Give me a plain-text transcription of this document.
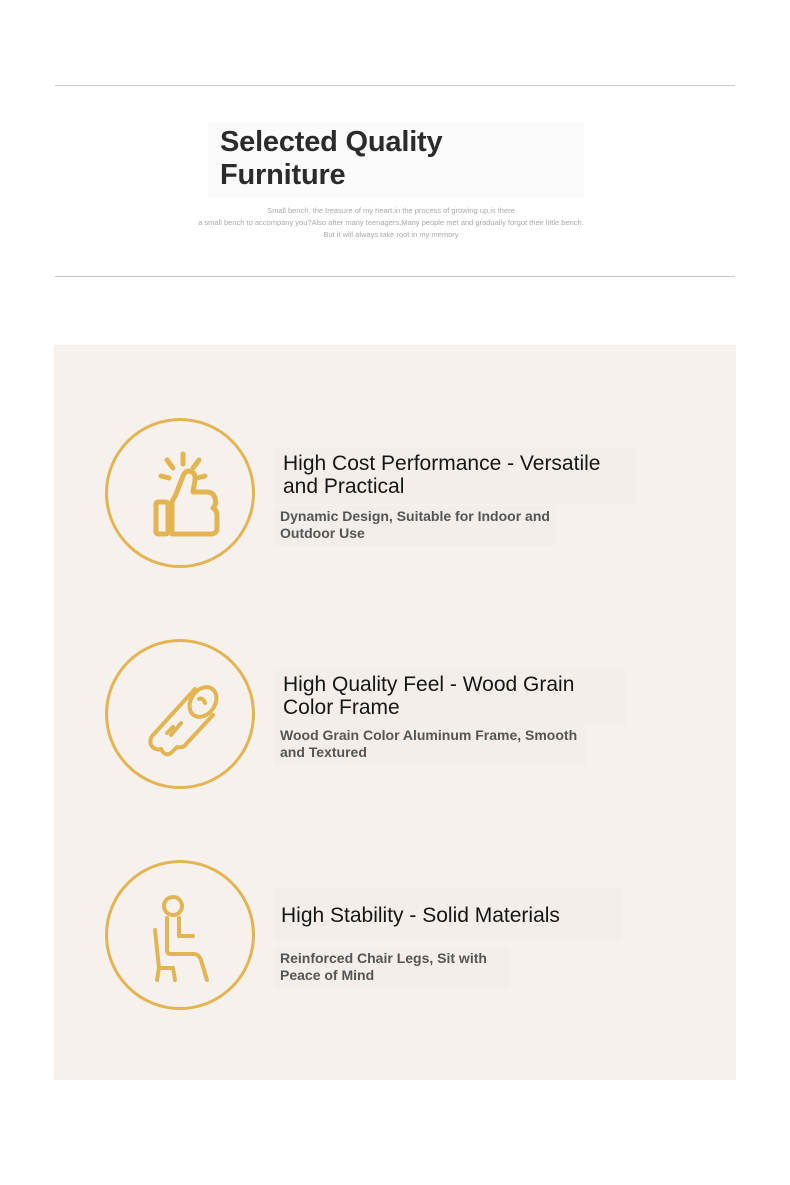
Selected Quality Furniture
Small bench, the treasure of my heart.in the process of growing up,is there
a small bench to accompany you?Also after many teenagers,Many people met and gradually forgot their little bench.
But it will always take root in my memory

High Cost Performance - Versatile and Practical

Dynamic Design, Suitable for Indoor and Outdoor Use

High Quality Feel - Wood Grain Color Frame

Wood Grain Color Aluminum Frame, Smooth and Textured

High Stability - Solid Materials

Reinforced Chair Legs, Sit with Peace of Mind
